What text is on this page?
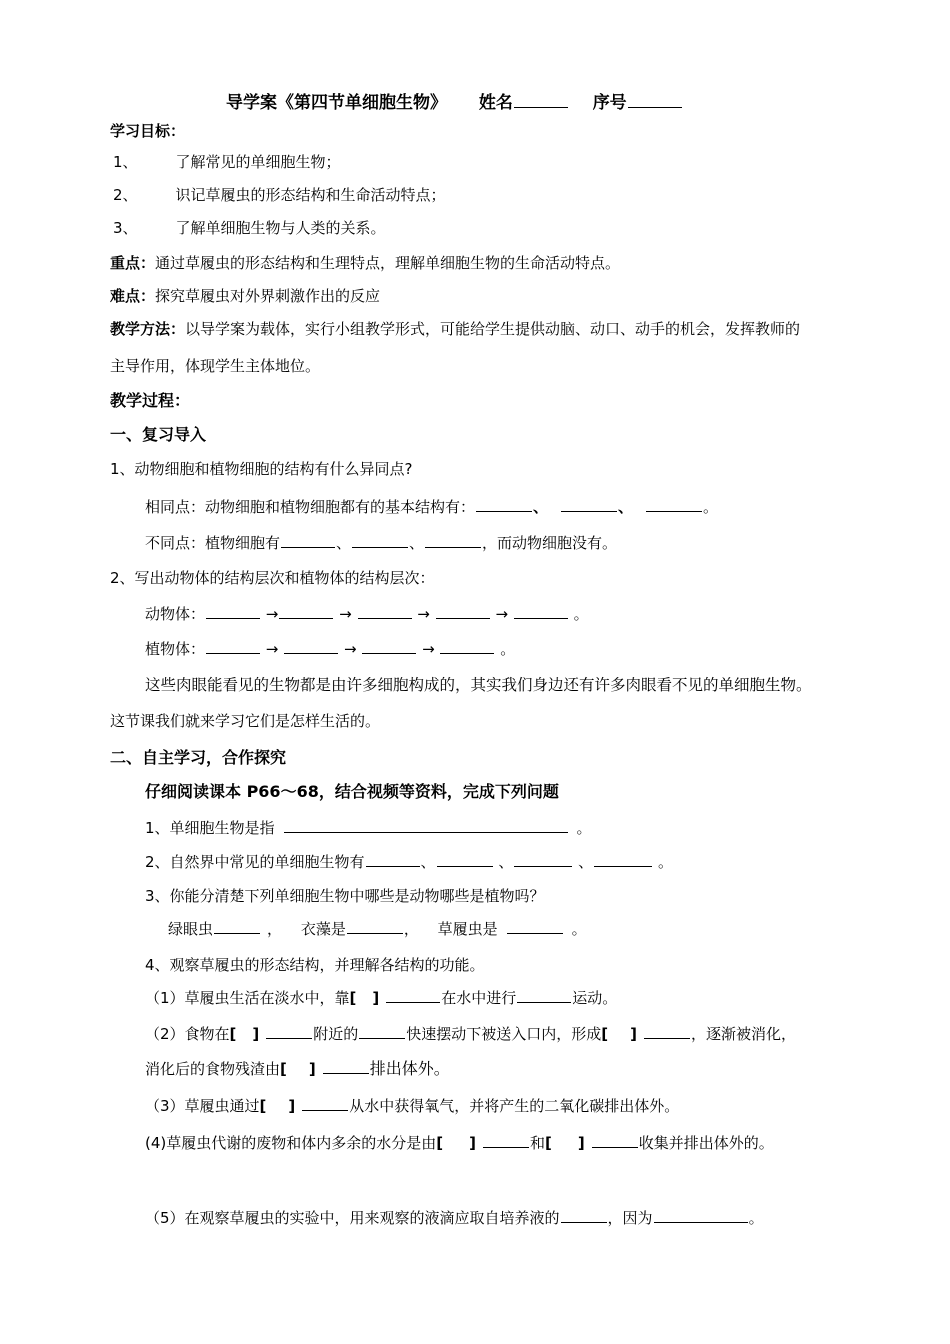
导学案《第四节单细胞生物》 姓名	序号
学习目标：
1、	了解常见的单细胞生物；
2、	识记草履虫的形态结构和生命活动特点；
3、	了解单细胞生物与人类的关系。
重点：通过草履虫的形态结构和生理特点，理解单细胞生物的生命活动特点。
难点：探究草履虫对外界刺激作出的反应
教学方法：以导学案为载体，实行小组教学形式，可能给学生提供动脑、动口、动手的机会，发挥教师的
主导作用，体现学生主体地位。
教学过程：
一、复习导入
1、动物细胞和植物细胞的结构有什么异同点?
相同点：动物细胞和植物细胞都有的基本结构有：	、	、	。
不同点：植物细胞有	、	、	，而动物细胞没有。
2、写出动物体的结构层次和植物体的结构层次：
动物体：	→	→	→	→	。
植物体：	→	→	→	。
这些肉眼能看见的生物都是由许多细胞构成的，其实我们身边还有许多肉眼看不见的单细胞生物。
这节课我们就来学习它们是怎样生活的。
二、自主学习，合作探究
仔细阅读课本 P66～68，结合视频等资料，完成下列问题
1、单细胞生物是指	。
2、自然界中常见的单细胞生物有	、	、	、	。
3、你能分清楚下列单细胞生物中哪些是动物哪些是植物吗？
绿眼虫	， 衣藻是	， 草履虫是	。
4、观察草履虫的形态结构，并理解各结构的功能。
（1）草履虫生活在淡水中，靠[ ]	在水中进行	运动。
（2）食物在[ ]	附近的	快速摆动下被送入口内，形成[ ]	，逐渐被消化，
消化后的食物残渣由[ ]	排出体外。
（3）草履虫通过[ ]	从水中获得氧气，并将产生的二氧化碳排出体外。
(4)草履虫代谢的废物和体内多余的水分是由[ ]	和[ ]	收集并排出体外的。
（5）在观察草履虫的实验中，用来观察的液滴应取自培养液的	，因为	。
